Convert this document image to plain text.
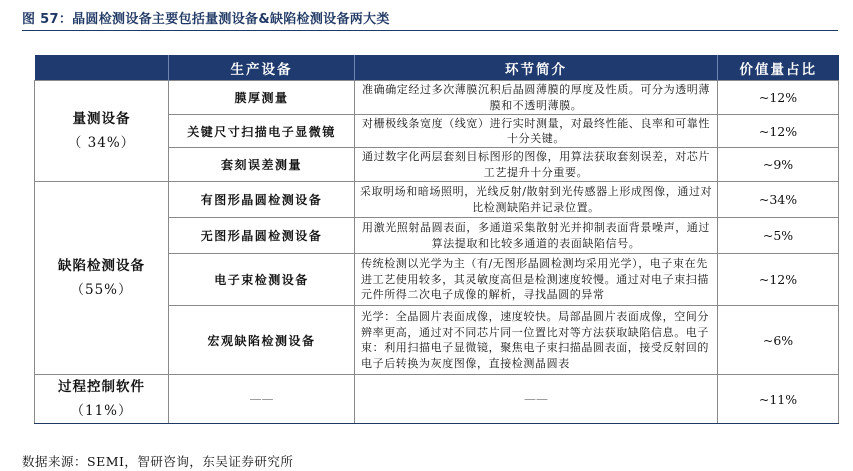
图 57：晶圆检测设备主要包括量测设备&缺陷检测设备两大类
	生产设备	环节简介	价值量占比

量测设备
（ 34%）	膜厚测量	准确确定经过多次薄膜沉积后晶圆薄膜的厚度及性质。可分为透明薄膜和不透明薄膜。	~12%
	关键尺寸扫描电子显微镜	对栅极线条宽度（线宽）进行实时测量，对最终性能、良率和可靠性十分关键。	~12%
	套刻误差测量	通过数字化两层套刻目标图形的图像，用算法获取套刻误差，对芯片工艺提升十分重要。	~9%

缺陷检测设备
（55%）	有图形晶圆检测设备	采取明场和暗场照明，光线反射/散射到光传感器上形成图像，通过对比检测缺陷并记录位置。	~34%
	无图形晶圆检测设备	用激光照射晶圆表面，多通道采集散射光并抑制表面背景噪声，通过算法提取和比较多通道的表面缺陷信号。	~5%
	电子束检测设备	传统检测以光学为主（有/无图形晶圆检测均采用光学），电子束在先进工艺使用较多，其灵敏度高但是检测速度较慢。通过对电子束扫描元件所得二次电子成像的解析，寻找晶圆的异常	~12%
	宏观缺陷检测设备	光学：全晶圆片表面成像，速度较快。局部晶圆片表面成像，空间分辨率更高，通过对不同芯片同一位置比对等方法获取缺陷信息。电子束：利用扫描电子显微镜，聚焦电子束扫描晶圆表面，接受反射回的电子后转换为灰度图像，直接检测晶圆表	~6%

过程控制软件
（11%）	——	——	~11%
数据来源：SEMI，智研咨询，东吴证券研究所
